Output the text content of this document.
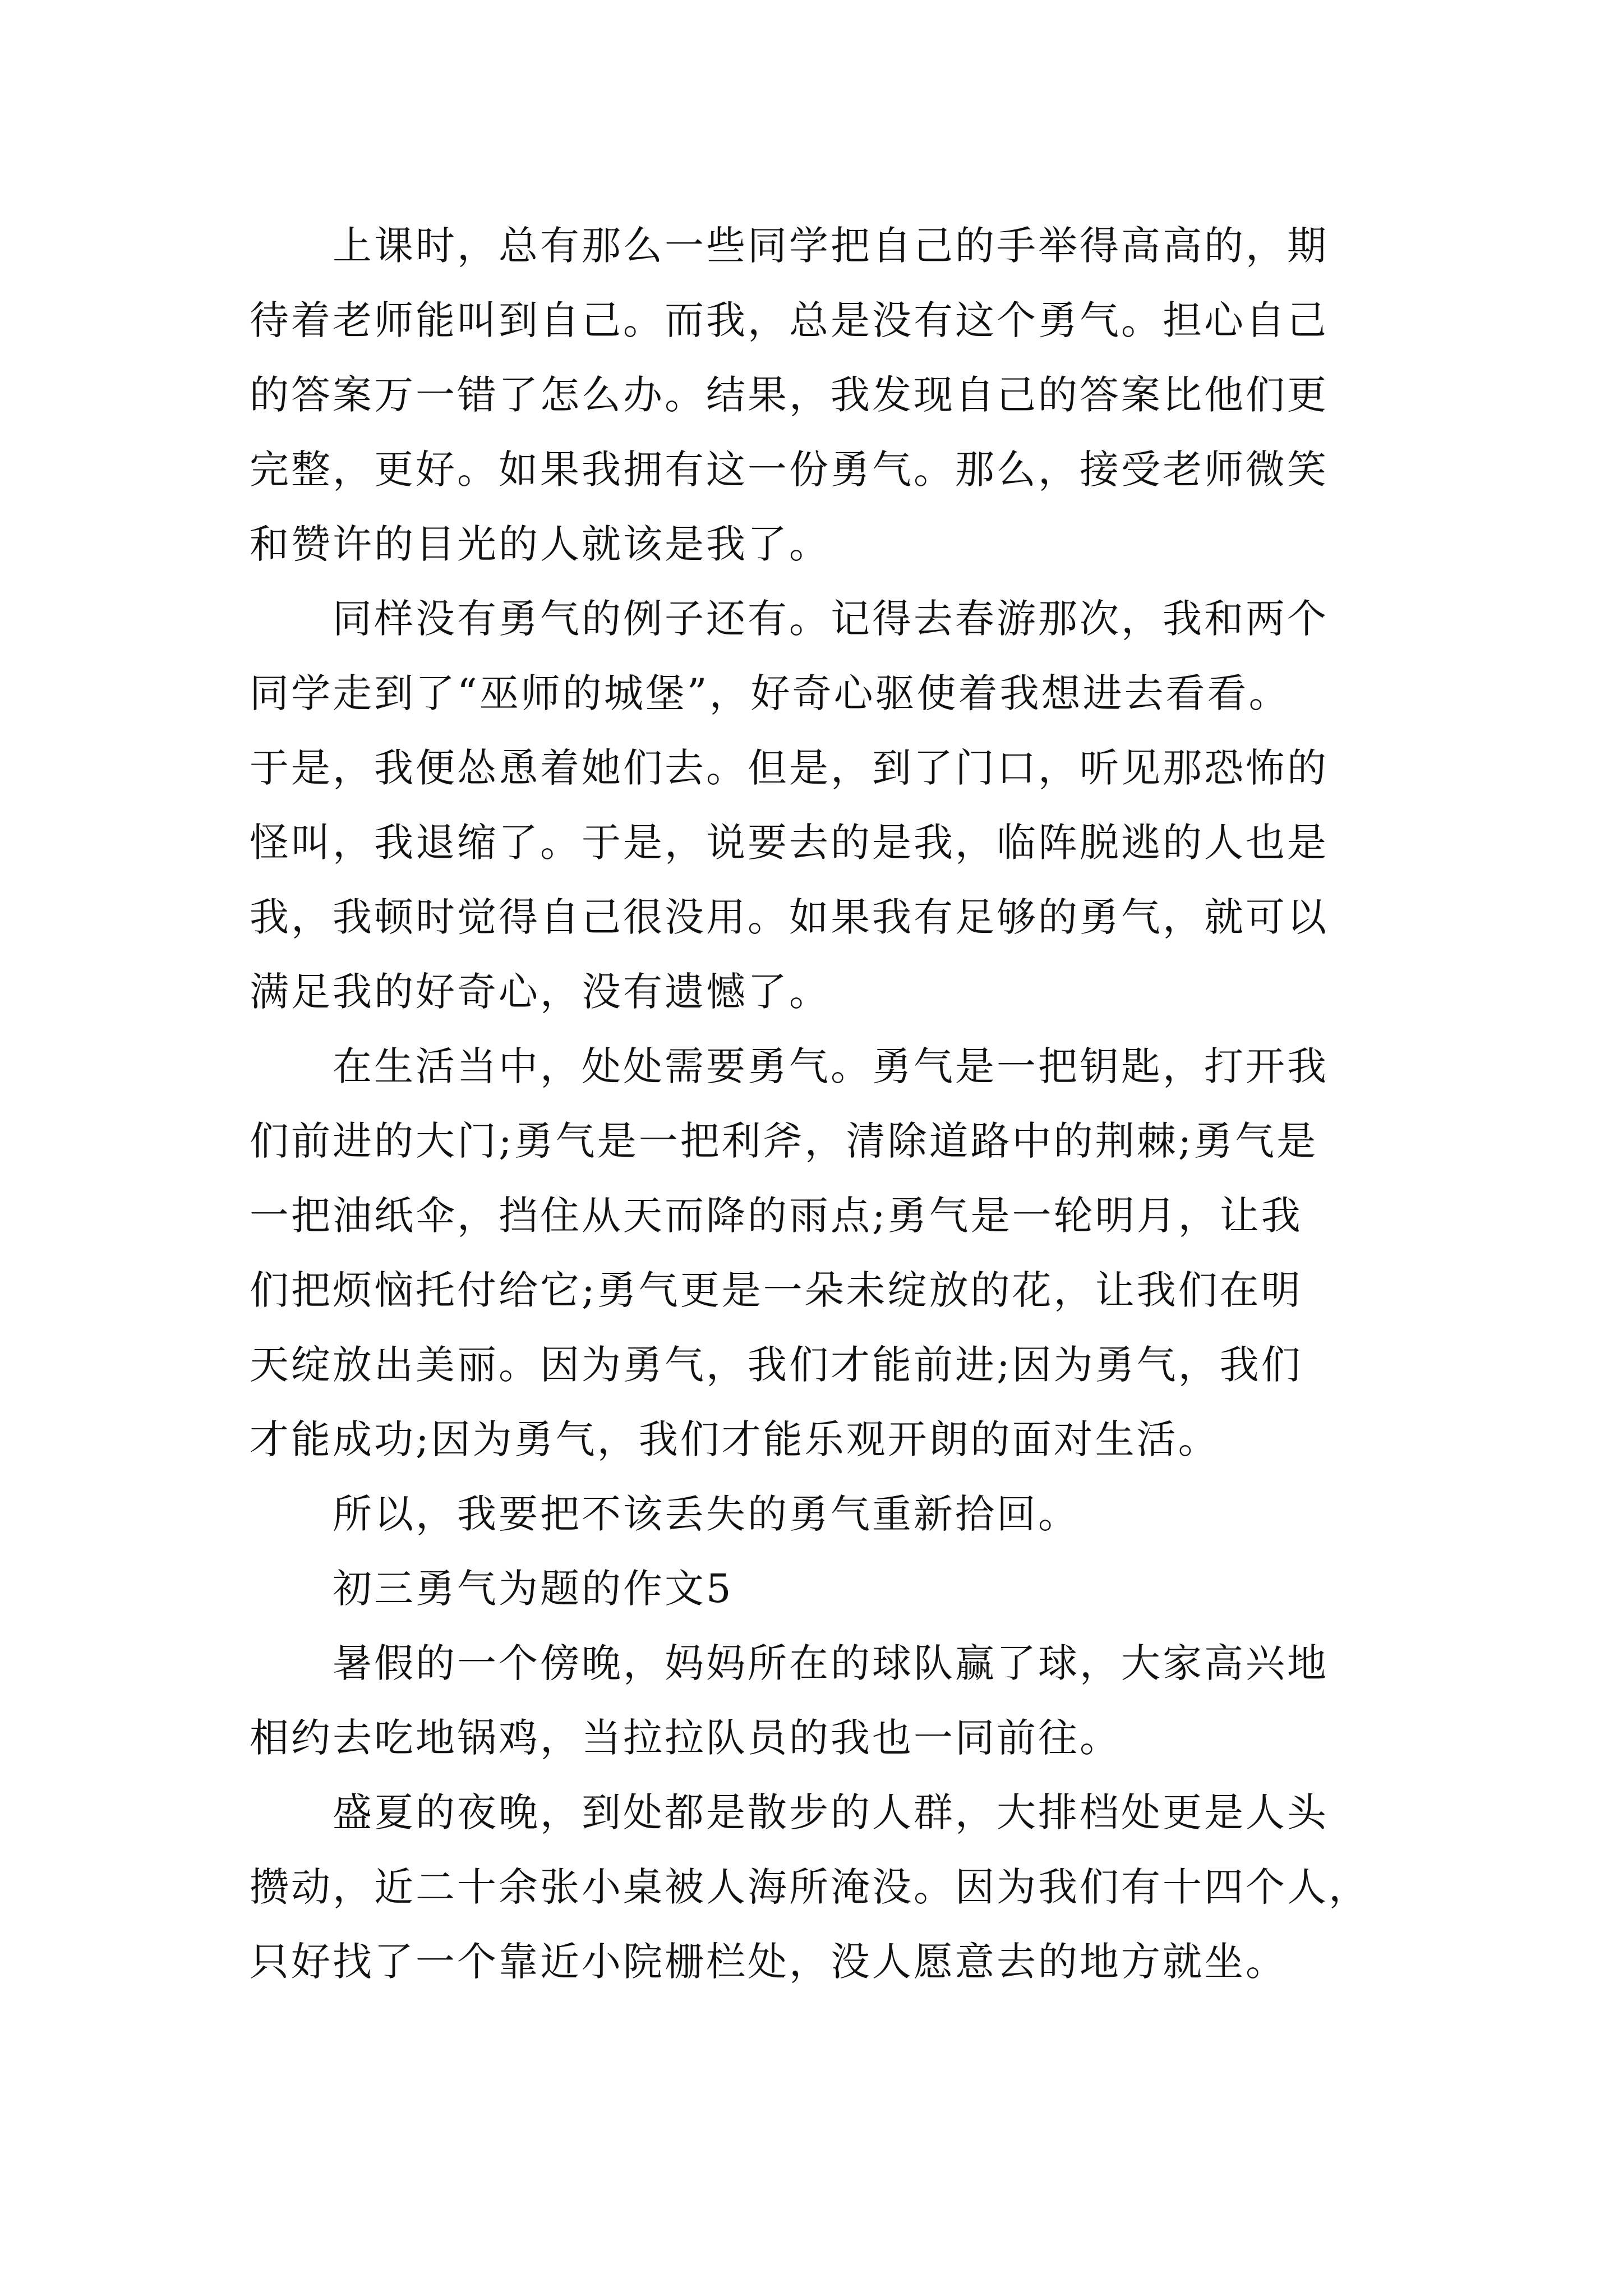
上课时，总有那么一些同学把自己的手举得高高的，期
待着老师能叫到自己。而我，总是没有这个勇气。担心自己
的答案万一错了怎么办。结果，我发现自己的答案比他们更
完整，更好。如果我拥有这一份勇气。那么，接受老师微笑
和赞许的目光的人就该是我了。

同样没有勇气的例子还有。记得去春游那次，我和两个
同学走到了“巫师的城堡”，好奇心驱使着我想进去看看。
于是，我便怂恿着她们去。但是，到了门口，听见那恐怖的
怪叫，我退缩了。于是，说要去的是我，临阵脱逃的人也是
我，我顿时觉得自己很没用。如果我有足够的勇气，就可以
满足我的好奇心，没有遗憾了。

在生活当中，处处需要勇气。勇气是一把钥匙，打开我
们前进的大门;勇气是一把利斧，清除道路中的荆棘;勇气是
一把油纸伞，挡住从天而降的雨点;勇气是一轮明月，让我
们把烦恼托付给它;勇气更是一朵未绽放的花，让我们在明
天绽放出美丽。因为勇气，我们才能前进;因为勇气，我们
才能成功;因为勇气，我们才能乐观开朗的面对生活。

所以，我要把不该丢失的勇气重新拾回。

初三勇气为题的作文5

暑假的一个傍晚，妈妈所在的球队赢了球，大家高兴地
相约去吃地锅鸡，当拉拉队员的我也一同前往。

盛夏的夜晚，到处都是散步的人群，大排档处更是人头
攒动，近二十余张小桌被人海所淹没。因为我们有十四个人，
只好找了一个靠近小院栅栏处，没人愿意去的地方就坐。
